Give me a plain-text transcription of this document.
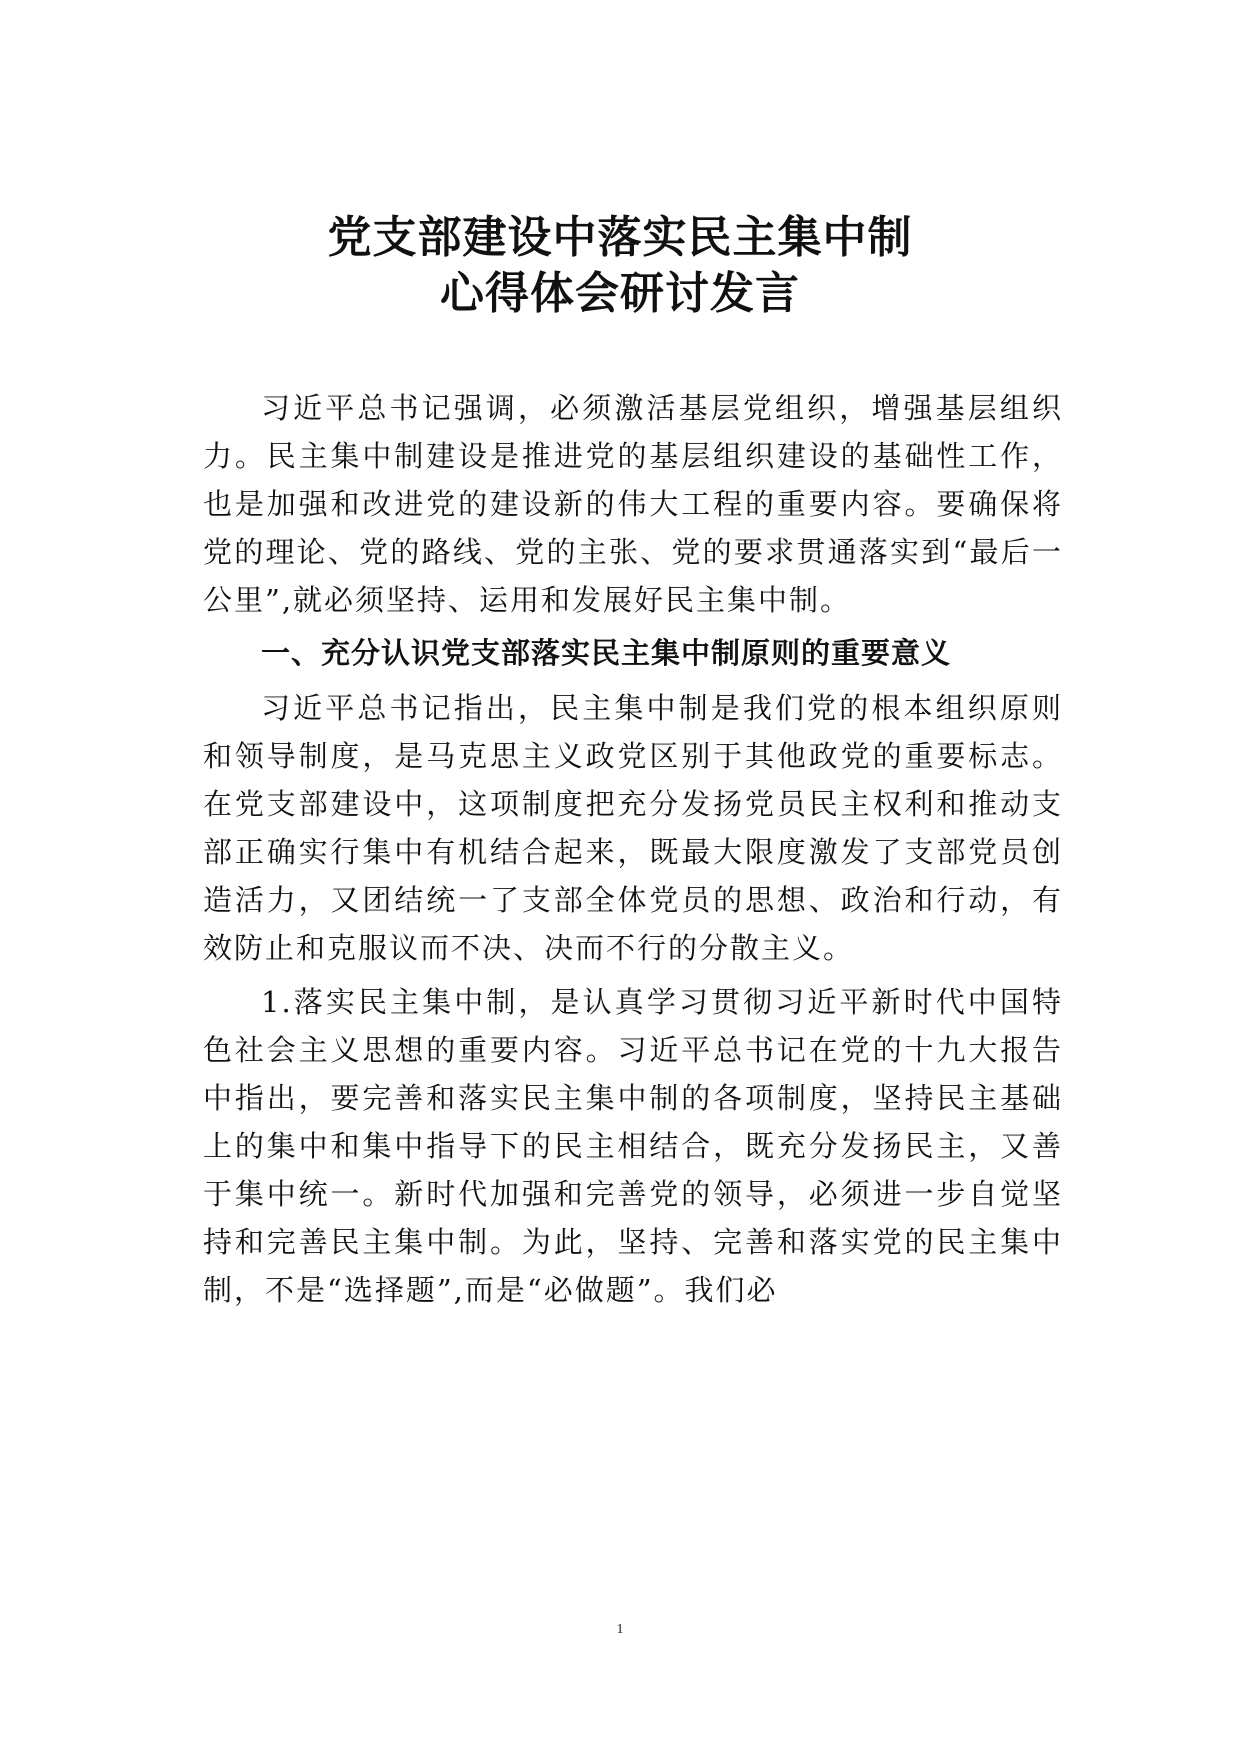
党支部建设中落实民主集中制
心得体会研讨发言

习近平总书记强调，必须激活基层党组织，增强基层组织力。民主集中制建设是推进党的基层组织建设的基础性工作，也是加强和改进党的建设新的伟大工程的重要内容。要确保将党的理论、党的路线、党的主张、党的要求贯通落实到“最后一公里”,就必须坚持、运用和发展好民主集中制。

一、充分认识党支部落实民主集中制原则的重要意义

习近平总书记指出，民主集中制是我们党的根本组织原则和领导制度，是马克思主义政党区别于其他政党的重要标志。在党支部建设中，这项制度把充分发扬党员民主权利和推动支部正确实行集中有机结合起来，既最大限度激发了支部党员创造活力，又团结统一了支部全体党员的思想、政治和行动，有效防止和克服议而不决、决而不行的分散主义。

1.落实民主集中制，是认真学习贯彻习近平新时代中国特色社会主义思想的重要内容。习近平总书记在党的十九大报告中指出，要完善和落实民主集中制的各项制度，坚持民主基础上的集中和集中指导下的民主相结合，既充分发扬民主，又善于集中统一。新时代加强和完善党的领导，必须进一步自觉坚持和完善民主集中制。为此，坚持、完善和落实党的民主集中制，不是“选择题”,而是“必做题”。我们必

1
